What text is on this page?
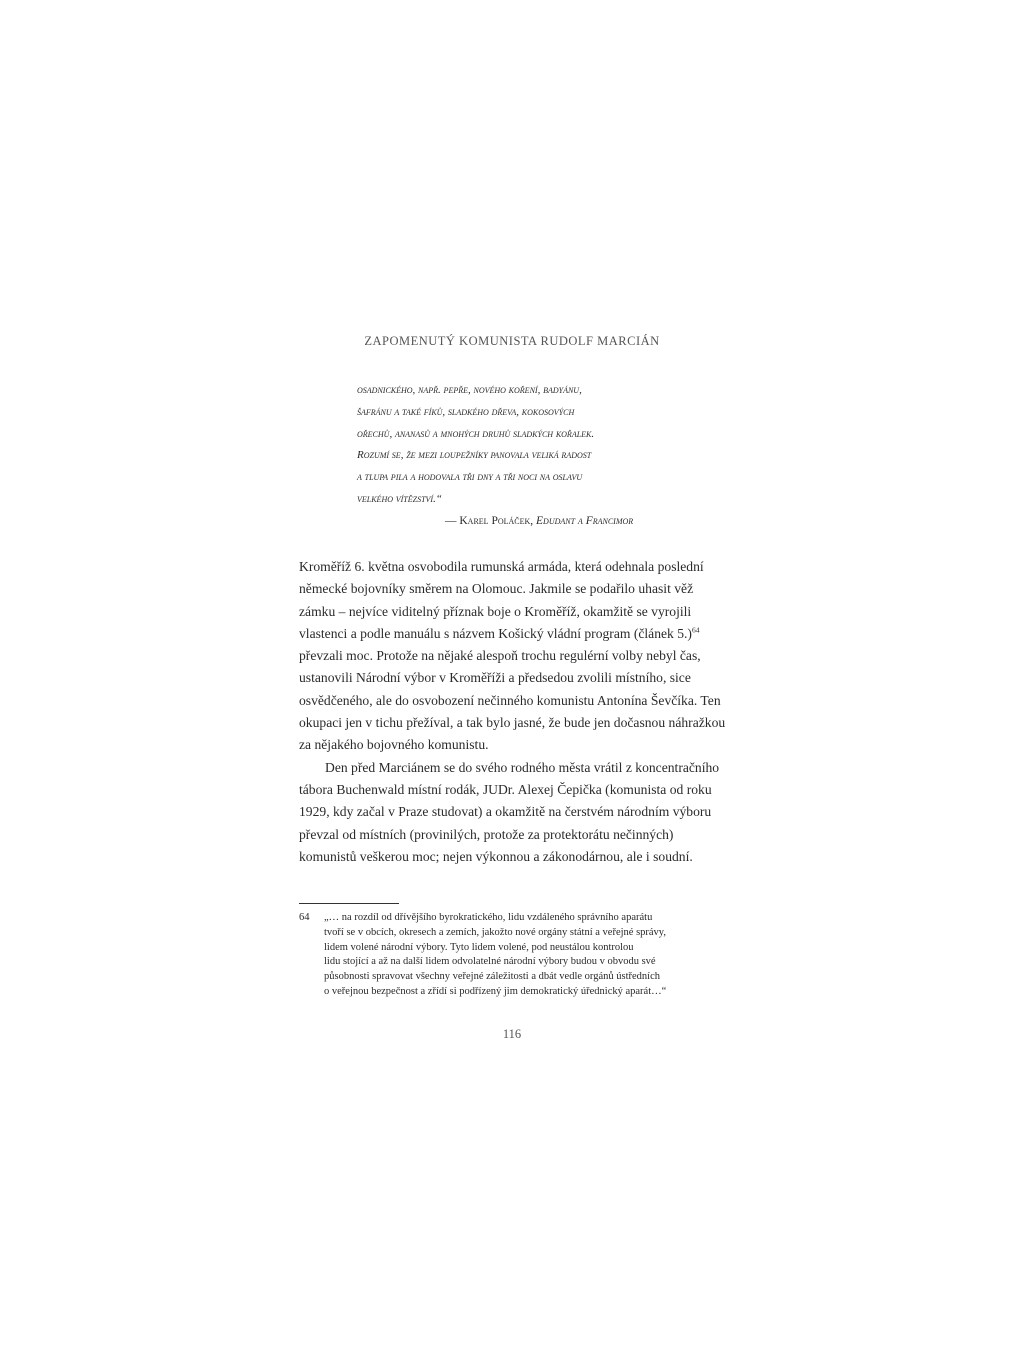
ZAPOMENUTÝ KOMUNISTA RUDOLF MARCIÁN
osadnického, např. pepře, nového koření, badyánu,
šafránu a také fíků, sladkého dřeva, kokosových
ořechů, ananasů a mnohých druhů sladkých kořalek.
Rozumí se, že mezi loupežníky panovala veliká radost
a tlupa pila a hodovala tři dny a tři noci na oslavu
velkého vítězství.“
— Karel Poláček, Edudant a Francimor
Kroměříž 6. května osvobodila rumunská armáda, která odehnala poslední
německé bojovníky směrem na Olomouc. Jakmile se podařilo uhasit věž
zámku – nejvíce viditelný příznak boje o Kroměříž, okamžitě se vyrojili
vlastenci a podle manuálu s názvem Košický vládní program (článek 5.)$^{64}$
převzali moc. Protože na nějaké alespoň trochu regulérní volby nebyl čas,
ustanovili Národní výbor v Kroměříži a předsedou zvolili místního, sice
osvědčeného, ale do osvobození nečinného komunistu Antonína Ševčíka. Ten
okupaci jen v tichu přežíval, a tak bylo jasné, že bude jen dočasnou náhražkou
za nějakého bojovného komunistu.
Den před Marciánem se do svého rodného města vrátil z koncentračního
tábora Buchenwald místní rodák, JUDr. Alexej Čepička (komunista od roku
1929, kdy začal v Praze studovat) a okamžitě na čerstvém národním výboru
převzal od místních (provinilých, protože za protektorátu nečinných)
komunistů veškerou moc; nejen výkonnou a zákonodárnou, ale i soudní.
64 „… na rozdíl od dřívějšího byrokratického, lidu vzdáleného správního aparátu
tvoří se v obcích, okresech a zemích, jakožto nové orgány státní a veřejné správy,
lidem volené národní výbory. Tyto lidem volené, pod neustálou kontrolou
lidu stojící a až na další lidem odvolatelné národní výbory budou v obvodu své
působnosti spravovat všechny veřejné záležitosti a dbát vedle orgánů ústředních
o veřejnou bezpečnost a zřídí si podřízený jim demokratický úřednický aparát…“
116
